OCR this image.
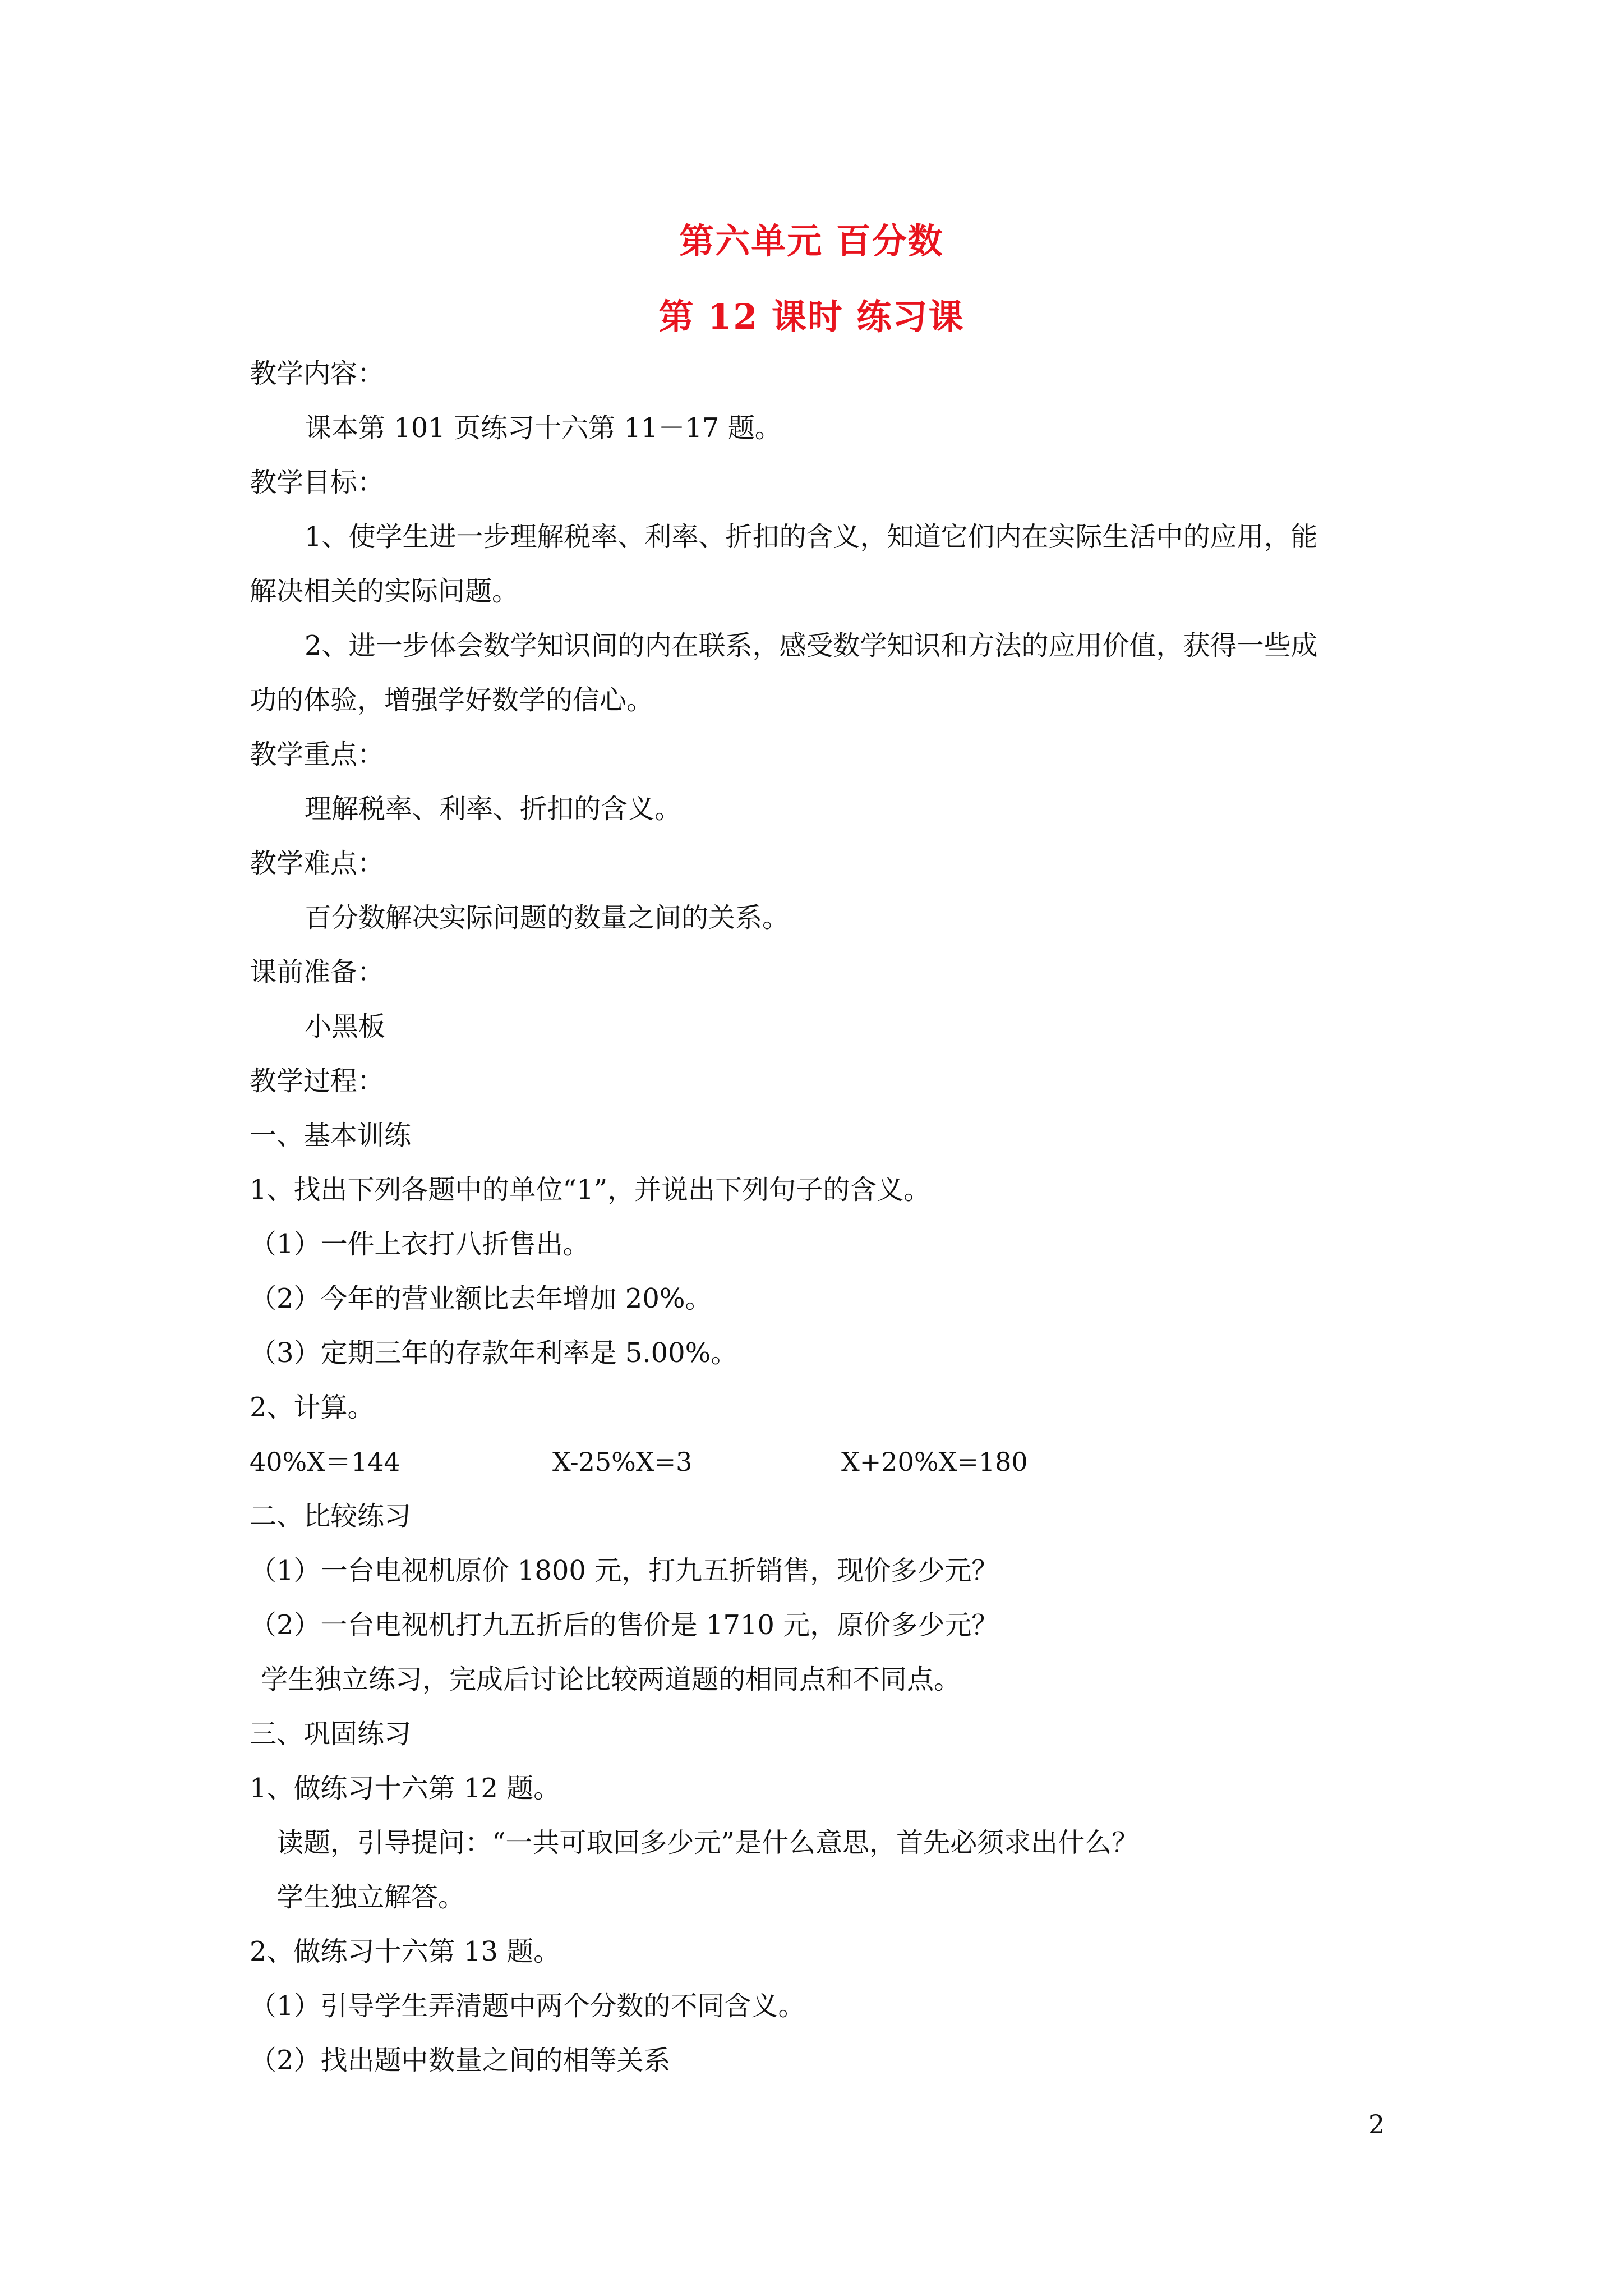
第六单元 百分数
第 12 课时 练习课
教学内容：
课本第 101 页练习十六第 11－17 题。
教学目标：
1、使学生进一步理解税率、利率、折扣的含义，知道它们内在实际生活中的应用，能
解决相关的实际问题。
2、进一步体会数学知识间的内在联系，感受数学知识和方法的应用价值，获得一些成
功的体验，增强学好数学的信心。
教学重点：
理解税率、利率、折扣的含义。
教学难点：
百分数解决实际问题的数量之间的关系。
课前准备：
小黑板
教学过程：
一、基本训练
1、找出下列各题中的单位“1”，并说出下列句子的含义。
（1）一件上衣打八折售出。
（2）今年的营业额比去年增加 20%。
（3）定期三年的存款年利率是 5.00%。
2、计算。
40%X＝144	X-25%X=3	X+20%X=180
二、比较练习
（1）一台电视机原价 1800 元，打九五折销售，现价多少元？
（2）一台电视机打九五折后的售价是 1710 元，原价多少元？
学生独立练习，完成后讨论比较两道题的相同点和不同点。
三、巩固练习
1、做练习十六第 12 题。
读题，引导提问：“一共可取回多少元”是什么意思，首先必须求出什么？
学生独立解答。
2、做练习十六第 13 题。
（1）引导学生弄清题中两个分数的不同含义。
（2）找出题中数量之间的相等关系
2
